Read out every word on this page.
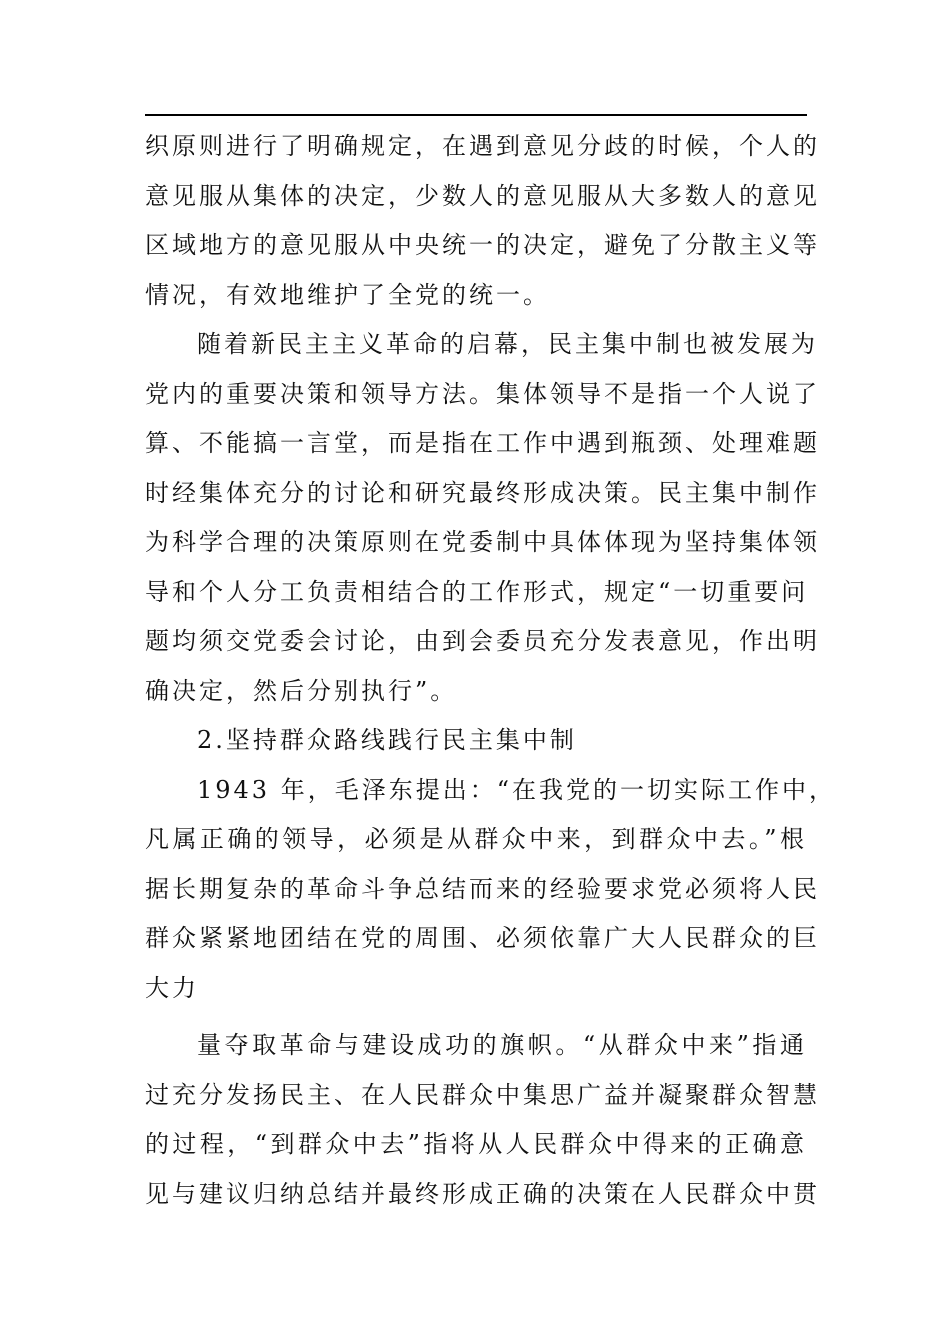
织原则进行了明确规定，在遇到意见分歧的时候，个人的
意见服从集体的决定，少数人的意见服从大多数人的意见
区域地方的意见服从中央统一的决定，避免了分散主义等
情况，有效地维护了全党的统一。
随着新民主主义革命的启幕，民主集中制也被发展为
党内的重要决策和领导方法。集体领导不是指一个人说了
算、不能搞一言堂，而是指在工作中遇到瓶颈、处理难题
时经集体充分的讨论和研究最终形成决策。民主集中制作
为科学合理的决策原则在党委制中具体体现为坚持集体领
导和个人分工负责相结合的工作形式，规定“一切重要问
题均须交党委会讨论，由到会委员充分发表意见，作出明
确决定，然后分别执行”。
2.坚持群众路线践行民主集中制
1943 年，毛泽东提出：“在我党的一切实际工作中，
凡属正确的领导，必须是从群众中来，到群众中去。”根
据长期复杂的革命斗争总结而来的经验要求党必须将人民
群众紧紧地团结在党的周围、必须依靠广大人民群众的巨
大力
量夺取革命与建设成功的旗帜。“从群众中来”指通
过充分发扬民主、在人民群众中集思广益并凝聚群众智慧
的过程，“到群众中去”指将从人民群众中得来的正确意
见与建议归纳总结并最终形成正确的决策在人民群众中贯
